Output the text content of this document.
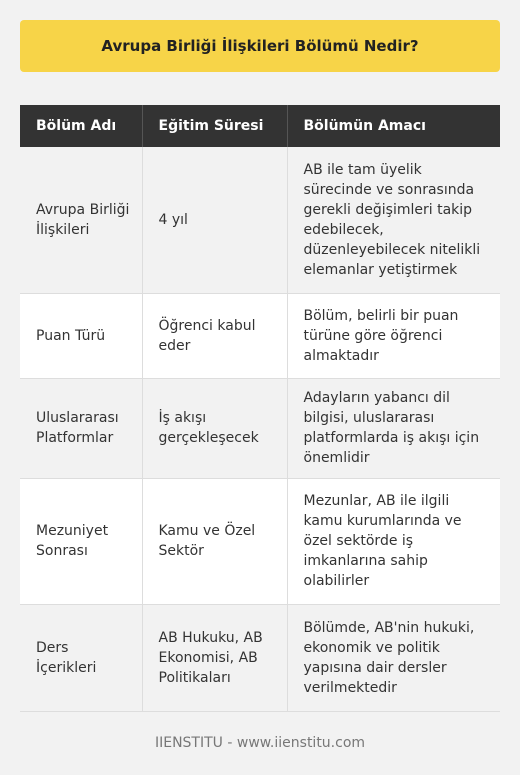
Avrupa Birliği İlişkileri Bölümü Nedir?
Bölüm Adı	Eğitim Süresi	Bölümün Amacı
Avrupa Birliği İlişkileri	4 yıl	AB ile tam üyelik sürecinde ve sonrasında gerekli değişimleri takip edebilecek, düzenleyebilecek nitelikli elemanlar yetiştirmek
Puan Türü	Öğrenci kabul eder	Bölüm, belirli bir puan türüne göre öğrenci almaktadır
Uluslararası Platformlar	İş akışı gerçekleşecek	Adayların yabancı dil bilgisi, uluslararası platformlarda iş akışı için önemlidir
Mezuniyet Sonrası	Kamu ve Özel Sektör	Mezunlar, AB ile ilgili kamu kurumlarında ve özel sektörde iş imkanlarına sahip olabilirler
Ders İçerikleri	AB Hukuku, AB Ekonomisi, AB Politikaları	Bölümde, AB'nin hukuki, ekonomik ve politik yapısına dair dersler verilmektedir
IIENSTITU - www.iienstitu.com
